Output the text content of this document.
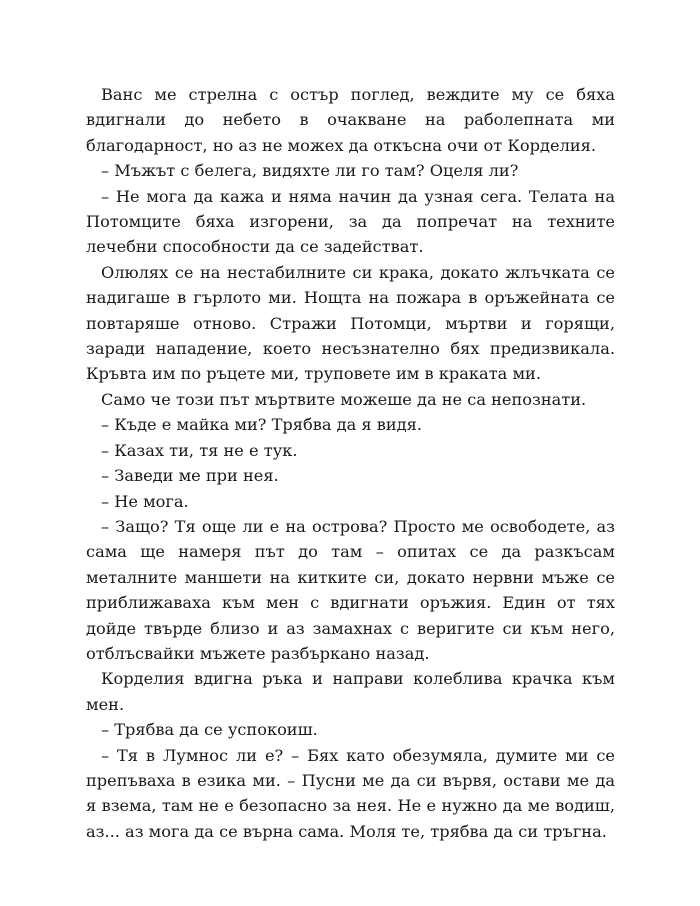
Ванс ме стрелна с остър поглед, веждите му се бяха вдигнали до небето в очакване на раболепната ми благодарност, но аз не можех да откъсна очи от Корделия.

– Мъжът с белега, видяхте ли го там? Оцеля ли?

– Не мога да кажа и няма начин да узная сега. Телата на Потомците бяха изгорени, за да попречат на техните лечебни способности да се задействат.

Олюлях се на нестабилните си крака, докато жлъчката се надигаше в гърлото ми. Нощта на пожара в оръжейната се повтаряше отново. Стражи Потомци, мъртви и горящи, заради нападение, което несъзнателно бях предизвикала. Кръвта им по ръцете ми, труповете им в краката ми.

Само че този път мъртвите можеше да не са непознати.

– Къде е майка ми? Трябва да я видя.

– Казах ти, тя не е тук.

– Заведи ме при нея.

– Не мога.

– Защо? Тя още ли е на острова? Просто ме освободете, аз сама ще намеря път до там – опитах се да разкъсам металните маншети на китките си, докато нервни мъже се приближаваха към мен с вдигнати оръжия. Един от тях дойде твърде близо и аз замахнах с веригите си към него, отблъсвайки мъжете разбъркано назад.

Корделия вдигна ръка и направи колеблива крачка към мен.

– Трябва да се успокоиш.

– Тя в Лумнос ли е? – Бях като обезумяла, думите ми се препъваха в езика ми. – Пусни ме да си вървя, остави ме да я взема, там не е безопасно за нея. Не е нужно да ме водиш, аз... аз мога да се върна сама. Моля те, трябва да си тръгна.
